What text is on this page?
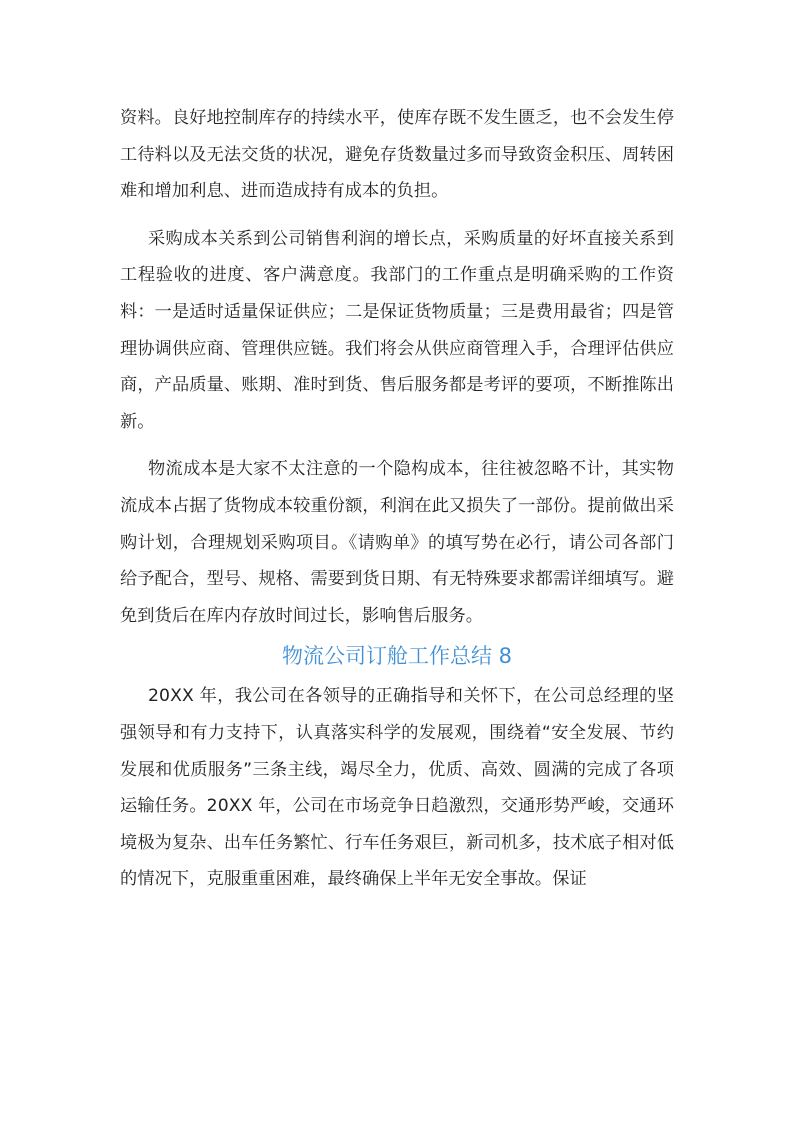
资料。良好地控制库存的持续水平，使库存既不发生匮乏，也不会发生停工待料以及无法交货的状况，避免存货数量过多而导致资金积压、周转困难和增加利息、进而造成持有成本的负担。

采购成本关系到公司销售利润的增长点，采购质量的好坏直接关系到工程验收的进度、客户满意度。我部门的工作重点是明确采购的工作资料：一是适时适量保证供应；二是保证货物质量；三是费用最省；四是管理协调供应商、管理供应链。我们将会从供应商管理入手，合理评估供应商，产品质量、账期、准时到货、售后服务都是考评的要项，不断推陈出新。

物流成本是大家不太注意的一个隐构成本，往往被忽略不计，其实物流成本占据了货物成本较重份额，利润在此又损失了一部份。提前做出采购计划，合理规划采购项目。《请购单》的填写势在必行，请公司各部门给予配合，型号、规格、需要到货日期、有无特殊要求都需详细填写。避免到货后在库内存放时间过长，影响售后服务。

物流公司订舱工作总结 8

20XX 年，我公司在各领导的正确指导和关怀下，在公司总经理的坚强领导和有力支持下，认真落实科学的发展观，围绕着“安全发展、节约发展和优质服务”三条主线，竭尽全力，优质、高效、圆满的完成了各项运输任务。20XX 年，公司在市场竞争日趋激烈，交通形势严峻，交通环境极为复杂、出车任务繁忙、行车任务艰巨，新司机多，技术底子相对低的情况下，克服重重困难，最终确保上半年无安全事故。保证
